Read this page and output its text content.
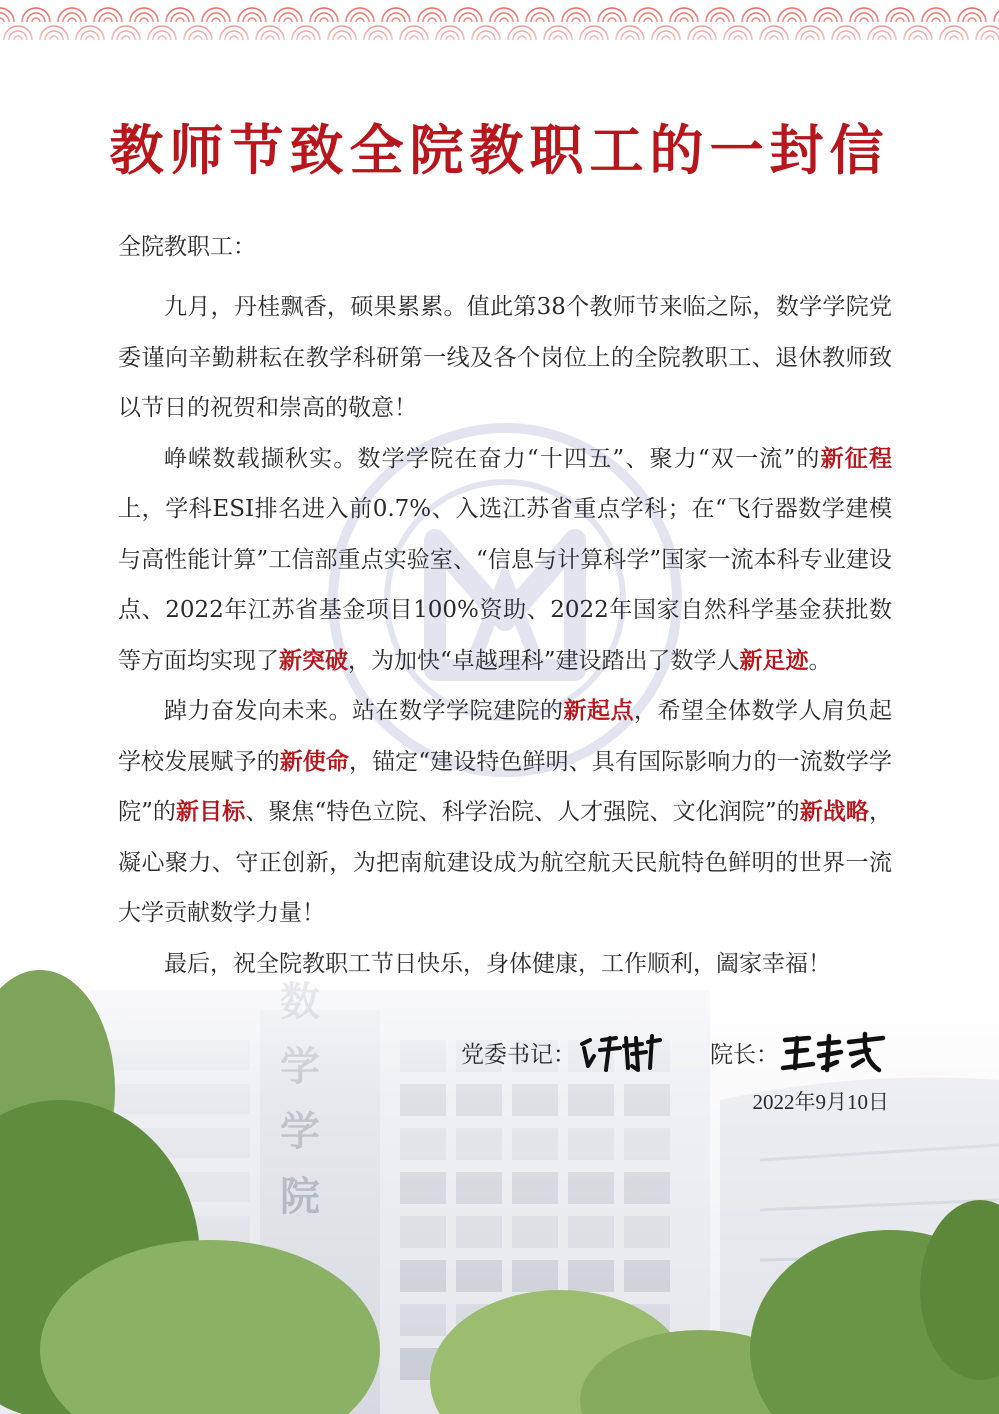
教师节致全院教职工的一封信
全院教职工：

九月，丹桂飘香，硕果累累。值此第38个教师节来临之际，数学学院党委谨向辛勤耕耘在教学科研第一线及各个岗位上的全院教职工、退休教师致以节日的祝贺和崇高的敬意！

峥嵘数载撷秋实。数学学院在奋力“十四五”、聚力“双一流”的新征程上，学科ESI排名进入前0.7%、入选江苏省重点学科；在“飞行器数学建模与高性能计算”工信部重点实验室、“信息与计算科学”国家一流本科专业建设点、2022年江苏省基金项目100%资助、2022年国家自然科学基金获批数等方面均实现了新突破，为加快“卓越理科”建设踏出了数学人新足迹。

踔力奋发向未来。站在数学学院建院的新起点，希望全体数学人肩负起学校发展赋予的新使命，锚定“建设特色鲜明、具有国际影响力的一流数学学院”的新目标、聚焦“特色立院、科学治院、人才强院、文化润院”的新战略，凝心聚力、守正创新，为把南航建设成为航空航天民航特色鲜明的世界一流大学贡献数学力量！

最后，祝全院教职工节日快乐，身体健康，工作顺利，阖家幸福！

党委书记：	院长：
2022年9月10日
